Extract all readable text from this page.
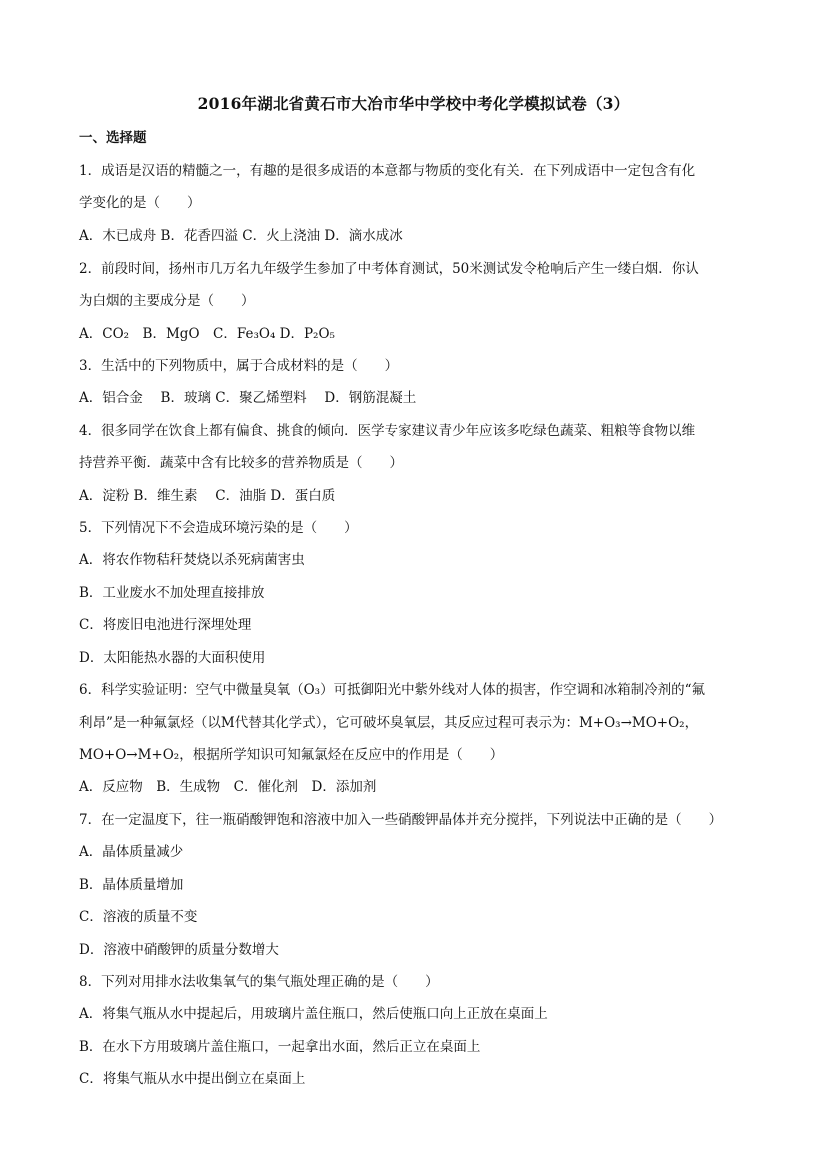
2016年湖北省黄石市大冶市华中学校中考化学模拟试卷（3）
一、选择题
1．成语是汉语的精髓之一，有趣的是很多成语的本意都与物质的变化有关．在下列成语中一定包含有化
学变化的是（　　）
A．木已成舟 B．花香四溢 C．火上浇油 D．滴水成冰
2．前段时间，扬州市几万名九年级学生参加了中考体育测试，50米测试发令枪响后产生一缕白烟．你认
为白烟的主要成分是（　　）
A．CO₂　B．MgO　C．Fe₃O₄ D．P₂O₅
3．生活中的下列物质中，属于合成材料的是（　　）
A．铝合金　 B．玻璃 C．聚乙烯塑料　 D．钢筋混凝土
4．很多同学在饮食上都有偏食、挑食的倾向．医学专家建议青少年应该多吃绿色蔬菜、粗粮等食物以维
持营养平衡．蔬菜中含有比较多的营养物质是（　　）
A．淀粉 B．维生素　 C．油脂 D．蛋白质
5．下列情况下不会造成环境污染的是（　　）
A．将农作物秸秆焚烧以杀死病菌害虫
B．工业废水不加处理直接排放
C．将废旧电池进行深埋处理
D．太阳能热水器的大面积使用
6．科学实验证明：空气中微量臭氧（O₃）可抵御阳光中紫外线对人体的损害，作空调和冰箱制冷剂的“氟
利昂”是一种氟氯烃（以M代替其化学式），它可破坏臭氧层，其反应过程可表示为：M+O₃→MO+O₂，
MO+O→M+O₂，根据所学知识可知氟氯烃在反应中的作用是（　　）
A．反应物　B．生成物　C．催化剂　D．添加剂
7．在一定温度下，往一瓶硝酸钾饱和溶液中加入一些硝酸钾晶体并充分搅拌，下列说法中正确的是（　　）
A．晶体质量减少
B．晶体质量增加
C．溶液的质量不变
D．溶液中硝酸钾的质量分数增大
8．下列对用排水法收集氧气的集气瓶处理正确的是（　　）
A．将集气瓶从水中提起后，用玻璃片盖住瓶口，然后使瓶口向上正放在桌面上
B．在水下方用玻璃片盖住瓶口，一起拿出水面，然后正立在桌面上
C．将集气瓶从水中提出倒立在桌面上
